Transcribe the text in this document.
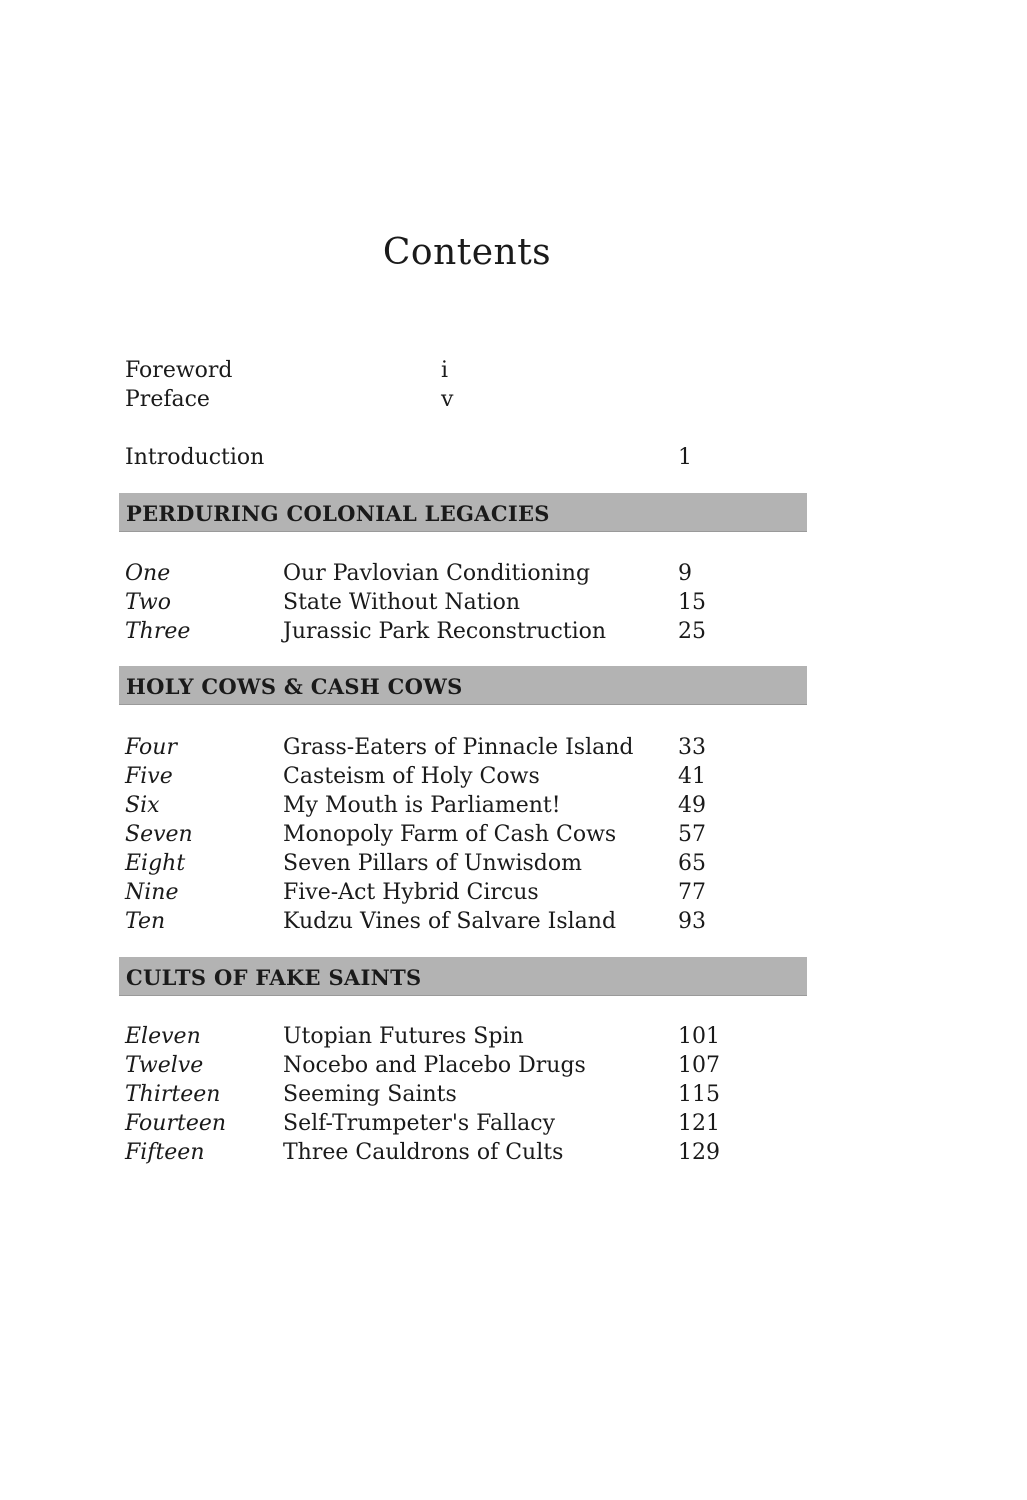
Contents
Foreword	i
Preface	v
Introduction	1
PERDURING COLONIAL LEGACIES
One	Our Pavlovian Conditioning	9
Two	State Without Nation	15
Three	Jurassic Park Reconstruction	25
HOLY COWS & CASH COWS
Four	Grass-Eaters of Pinnacle Island 33
Five	Casteism of Holy Cows	41
Six	My Mouth is Parliament!	49
Seven	Monopoly Farm of Cash Cows	57
Eight	Seven Pillars of Unwisdom	65
Nine	Five-Act Hybrid Circus	77
Ten	Kudzu Vines of Salvare Island	93
CULTS OF FAKE SAINTS
Eleven	Utopian Futures Spin	101
Twelve	Nocebo and Placebo Drugs	107
Thirteen	Seeming Saints	115
Fourteen	Self-Trumpeter's Fallacy	121
Fifteen	Three Cauldrons of Cults	129
